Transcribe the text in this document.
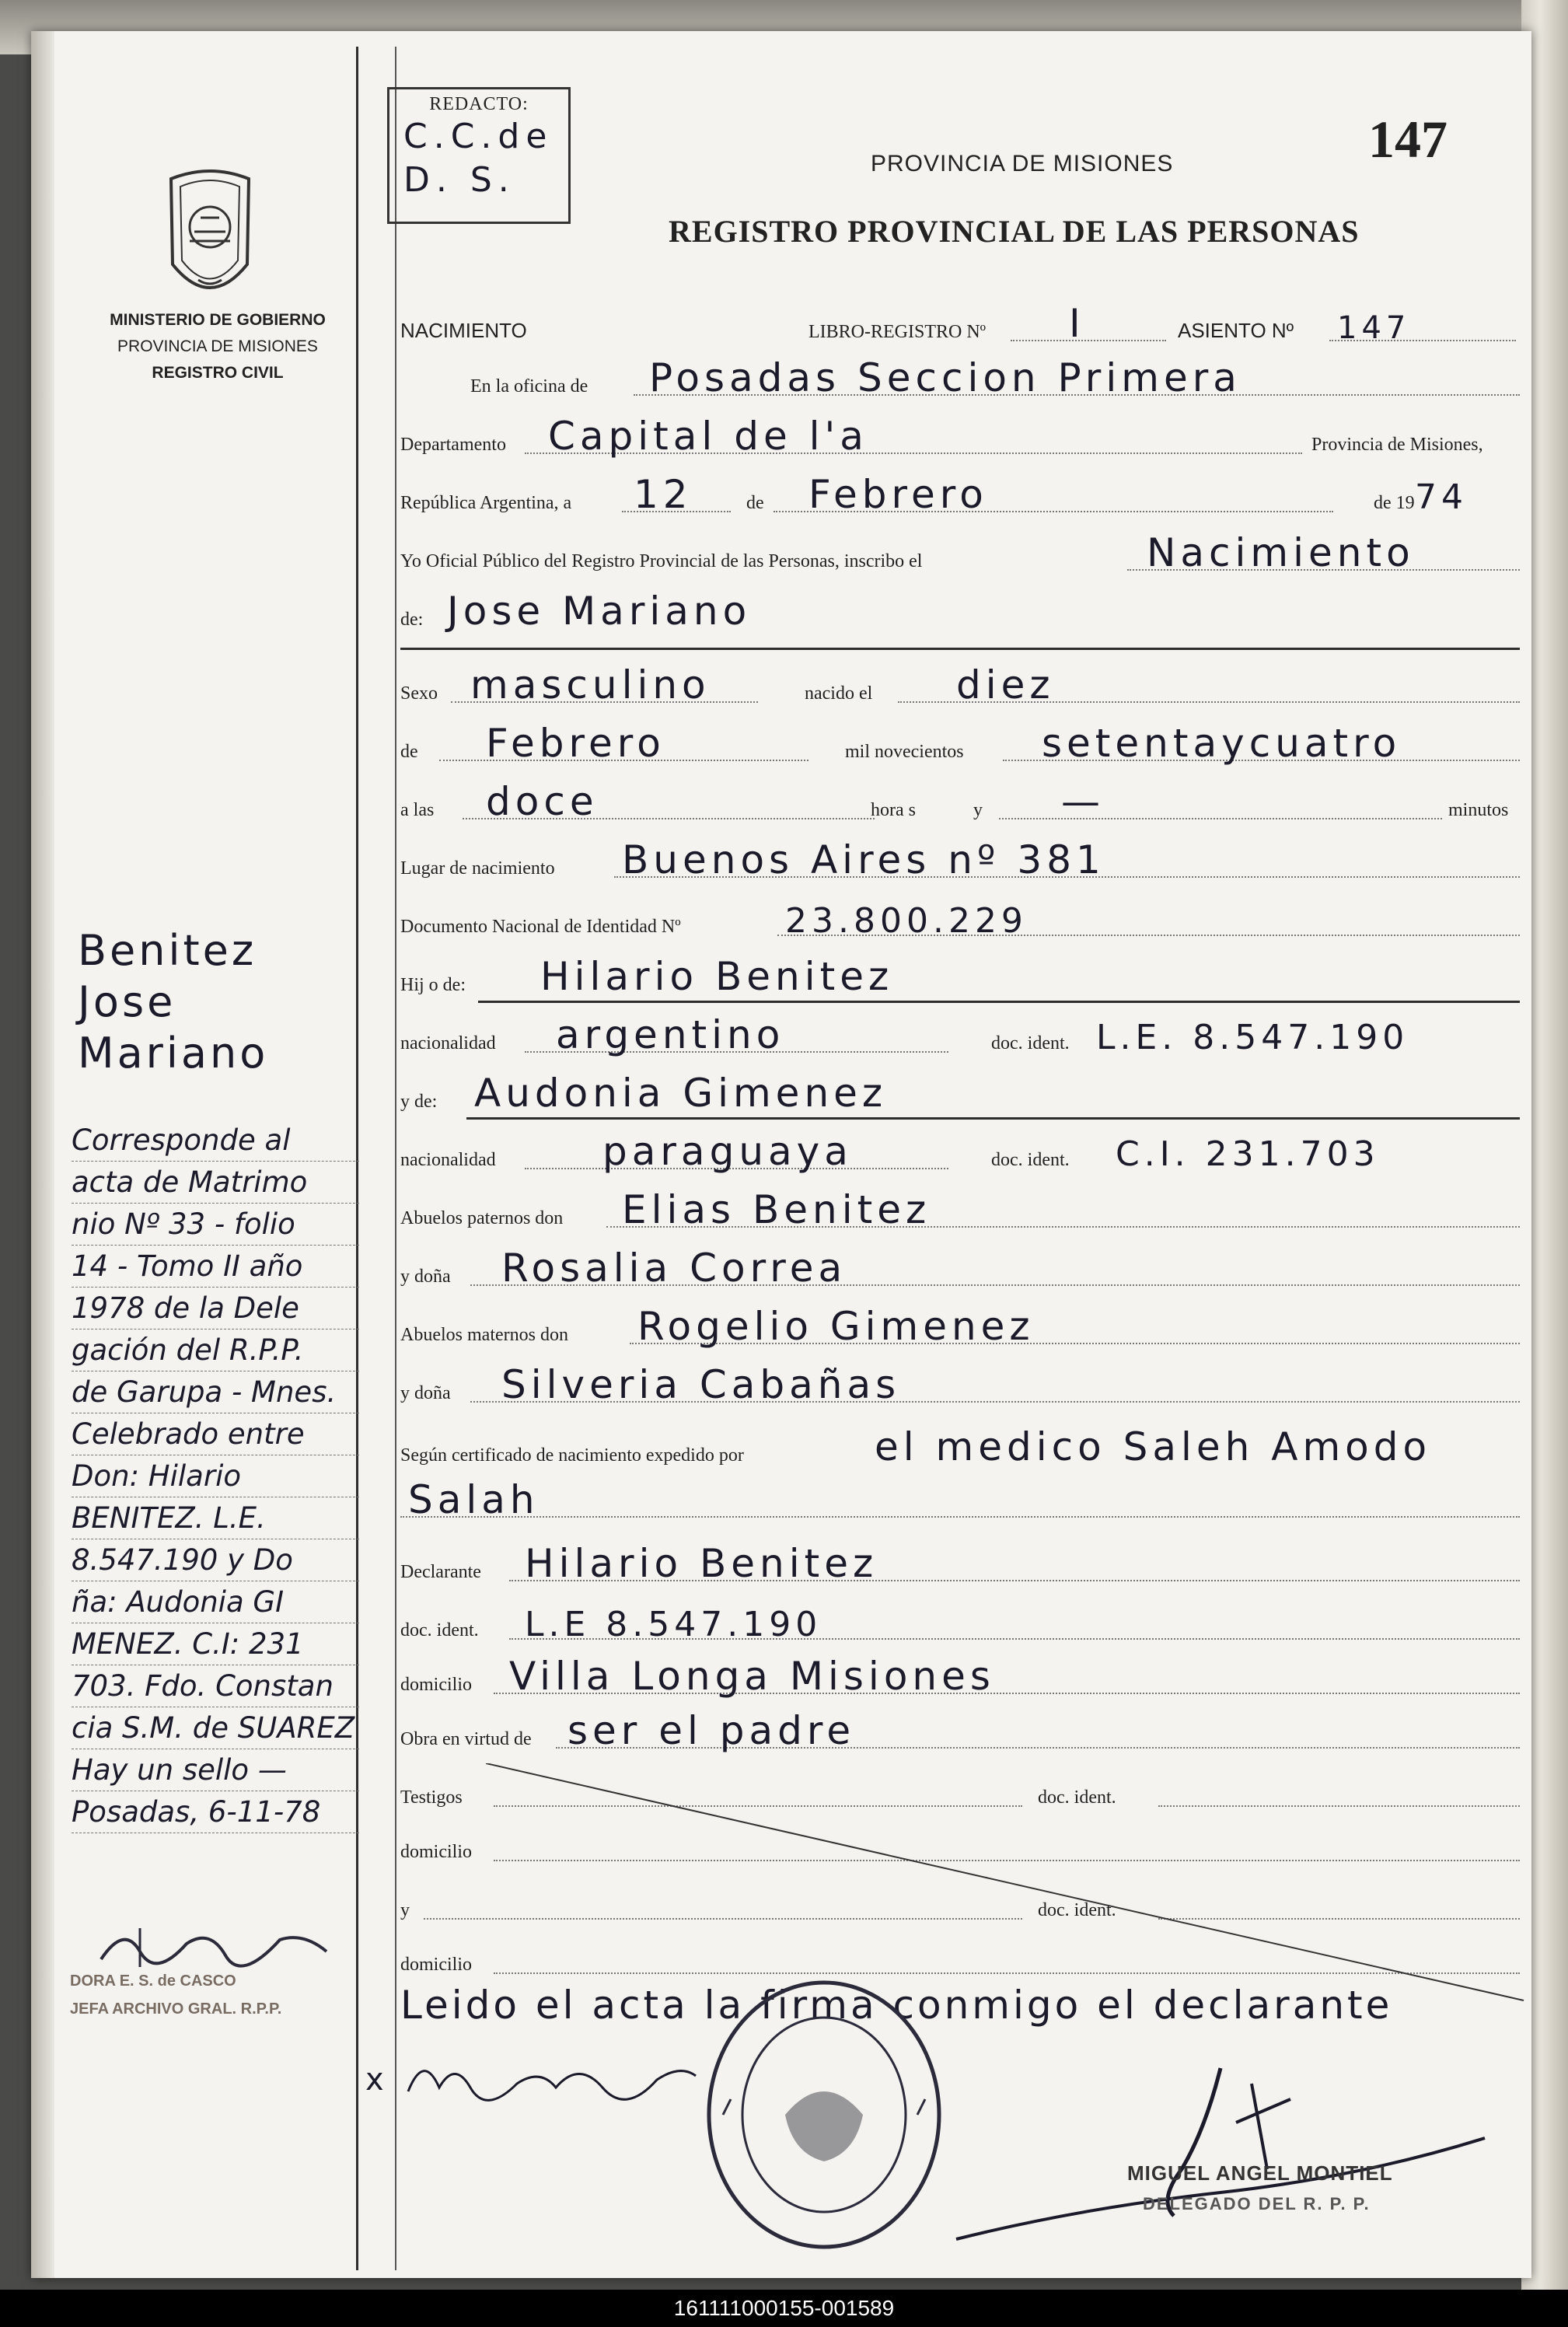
MINISTERIO DE GOBIERNO
PROVINCIA DE MISIONES
REGISTRO CIVIL
Benitez
Jose
Mariano
Corresponde al
acta de Matrimo
nio Nº 33 - folio
14 - Tomo II año
1978 de la Dele
gación del R.P.P.
de Garupa - Mnes.
Celebrado entre
Don: Hilario
BENITEZ. L.E.
8.547.190 y Do
ña: Audonia GI
MENEZ. C.I: 231
703. Fdo. Constan
cia S.M. de SUAREZ
Hay un sello —
Posadas, 6-11-78
DORA E. S. de CASCO
JEFA ARCHIVO GRAL. R.P.P.
REDACTO:
C.C.de
D. S.	PROVINCIA DE MISIONES
REGISTRO PROVINCIAL DE LAS PERSONAS
147
NACIMIENTO	LIBRO-REGISTRO Nº I	ASIENTO Nº 147
En la oficina de Posadas Seccion Primera
Departamento Capital de l'a	Provincia de Misiones,
República Argentina, a 12	de Febrero	de 19 74
Yo Oficial Público del Registro Provincial de las Personas, inscribo el	Nacimiento
de: Jose Mariano
Sexo masculino	nacido el diez
de Febrero	mil novecientos setentaycuatro
a las doce	hora s	y —	minutos
Lugar de nacimiento Buenos Aires nº 381
Documento Nacional de Identidad Nº	23.800.229
Hij o de: Hilario Benitez
nacionalidad argentino	doc. ident. L.E. 8.547.190
y de: Audonia Gimenez
nacionalidad	paraguaya	doc. ident. C.I. 231.703
Abuelos paternos don Elias Benitez
y doña Rosalia Correa
Abuelos maternos don Rogelio Gimenez
y doña Silveria Cabañas
Según certificado de nacimiento expedido por	el medico Saleh Amodo
Salah
Declarante Hilario Benitez
doc. ident. L.E 8.547.190
domicilio Villa Longa Misiones
Obra en virtud de ser el padre
Testigos	doc. ident.
domicilio
y	doc. ident.
domicilio
Leido el acta la firma conmigo el declarante
x
MIGUEL ANGEL MONTIEL
DELEGADO DEL R. P. P.
161111000155-001589
